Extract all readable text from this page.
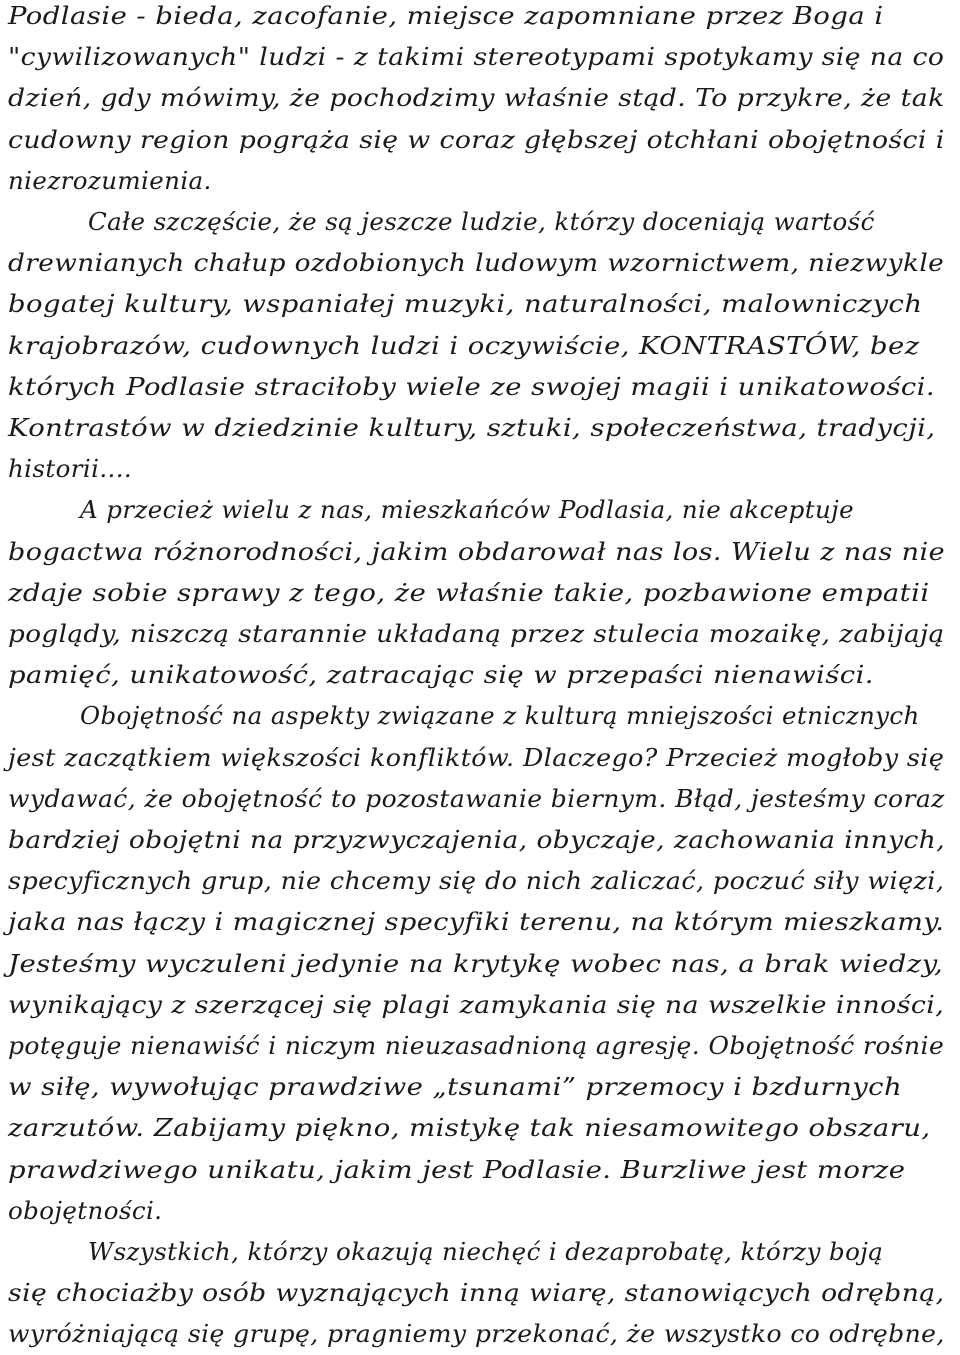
Podlasie - bieda, zacofanie, miejsce zapomniane przez Boga i
"cywilizowanych" ludzi - z takimi stereotypami spotykamy się na co
dzień, gdy mówimy, że pochodzimy właśnie stąd. To przykre, że tak
cudowny region pogrąża się w coraz głębszej otchłani obojętności i
niezrozumienia.
Całe szczęście, że są jeszcze ludzie, którzy doceniają wartość
drewnianych chałup ozdobionych ludowym wzornictwem, niezwykle
bogatej kultury, wspaniałej muzyki, naturalności, malowniczych
krajobrazów, cudownych ludzi i oczywiście, KONTRASTÓW, bez
których Podlasie straciłoby wiele ze swojej magii i unikatowości.
Kontrastów w dziedzinie kultury, sztuki, społeczeństwa, tradycji,
historii....
A przecież wielu z nas, mieszkańców Podlasia, nie akceptuje
bogactwa różnorodności, jakim obdarował nas los. Wielu z nas nie
zdaje sobie sprawy z tego, że właśnie takie, pozbawione empatii
poglądy, niszczą starannie układaną przez stulecia mozaikę, zabijają
pamięć, unikatowość, zatracając się w przepaści nienawiści.
Obojętność na aspekty związane z kulturą mniejszości etnicznych
jest zaczątkiem większości konfliktów. Dlaczego? Przecież mogłoby się
wydawać, że obojętność to pozostawanie biernym. Błąd, jesteśmy coraz
bardziej obojętni na przyzwyczajenia, obyczaje, zachowania innych,
specyficznych grup, nie chcemy się do nich zaliczać, poczuć siły więzi,
jaka nas łączy i magicznej specyfiki terenu, na którym mieszkamy.
Jesteśmy wyczuleni jedynie na krytykę wobec nas, a brak wiedzy,
wynikający z szerzącej się plagi zamykania się na wszelkie inności,
potęguje nienawiść i niczym nieuzasadnioną agresję. Obojętność rośnie
w siłę, wywołując prawdziwe „tsunami” przemocy i bzdurnych
zarzutów. Zabijamy piękno, mistykę tak niesamowitego obszaru,
prawdziwego unikatu, jakim jest Podlasie. Burzliwe jest morze
obojętności.
Wszystkich, którzy okazują niechęć i dezaprobatę, którzy boją
się chociażby osób wyznających inną wiarę, stanowiących odrębną,
wyróżniającą się grupę, pragniemy przekonać, że wszystko co odrębne,
